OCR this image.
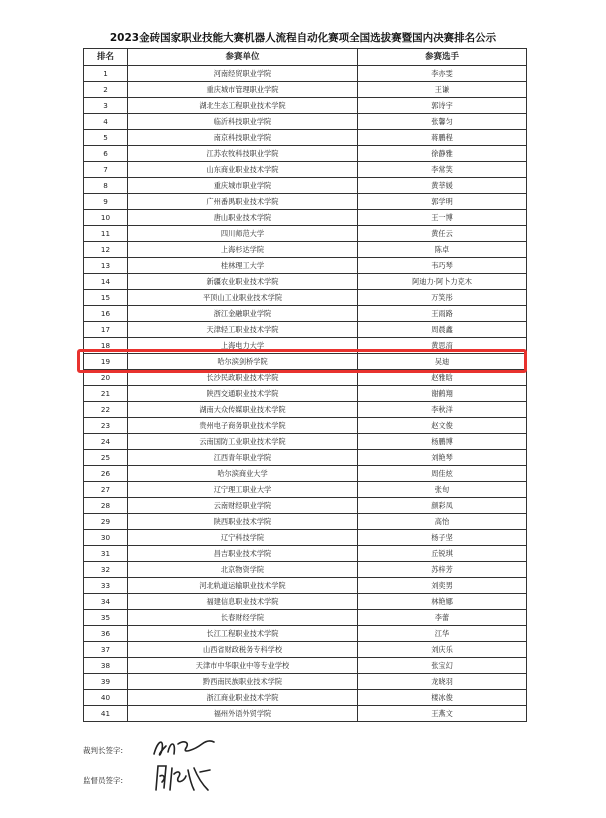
2023金砖国家职业技能大赛机器人流程自动化赛项全国选拔赛暨国内决赛排名公示
排名	参赛单位	参赛选手
1	河南经贸职业学院	李亦雯
2	重庆城市管理职业学院	王谦
3	湖北生态工程职业技术学院	郭诗宇
4	临沂科技职业学院	张馨匀
5	南京科技职业学院	蒋鹏程
6	江苏农牧科技职业学院	徐静雅
7	山东商业职业技术学院	李常笑
8	重庆城市职业学院	黄莘媛
9	广州番禺职业技术学院	郭学明
10	唐山职业技术学院	王一博
11	四川师范大学	黄任云
12	上海杉达学院	陈卓
13	桂林理工大学	韦巧琴
14	新疆农业职业技术学院	阿迪力·阿卜力克木
15	平顶山工业职业技术学院	万笑彤
16	浙江金融职业学院	王雨路
17	天津轻工职业技术学院	周晨鑫
18	上海电力大学	黄思淯
19	哈尔滨剑桥学院	吴迪
20	长沙民政职业技术学院	赵雅晗
21	陕西交通职业技术学院	谢鹤翔
22	湖南大众传媒职业技术学院	李秋洋
23	贵州电子商务职业技术学院	赵文俊
24	云南国防工业职业技术学院	杨鹏博
25	江西青年职业学院	刘艳琴
26	哈尔滨商业大学	周佳炫
27	辽宁理工职业大学	张旬
28	云南财经职业学院	颜彩凤
29	陕西职业技术学院	高怡
30	辽宁科技学院	杨子坚
31	昌吉职业技术学院	丘锐琪
32	北京物资学院	苏梓芳
33	河北轨道运输职业技术学院	刘奕男
34	福建信息职业技术学院	林艳娜
35	长春财经学院	李蕾
36	长江工程职业技术学院	江华
37	山西省财政税务专科学校	刘庆乐
38	天津市中华职业中等专业学校	张宝幻
39	黔西南民族职业技术学院	龙晓羽
40	浙江商业职业技术学院	楼冰俊
41	福州外语外贸学院	王燕文
裁判长签字:
监督员签字:
